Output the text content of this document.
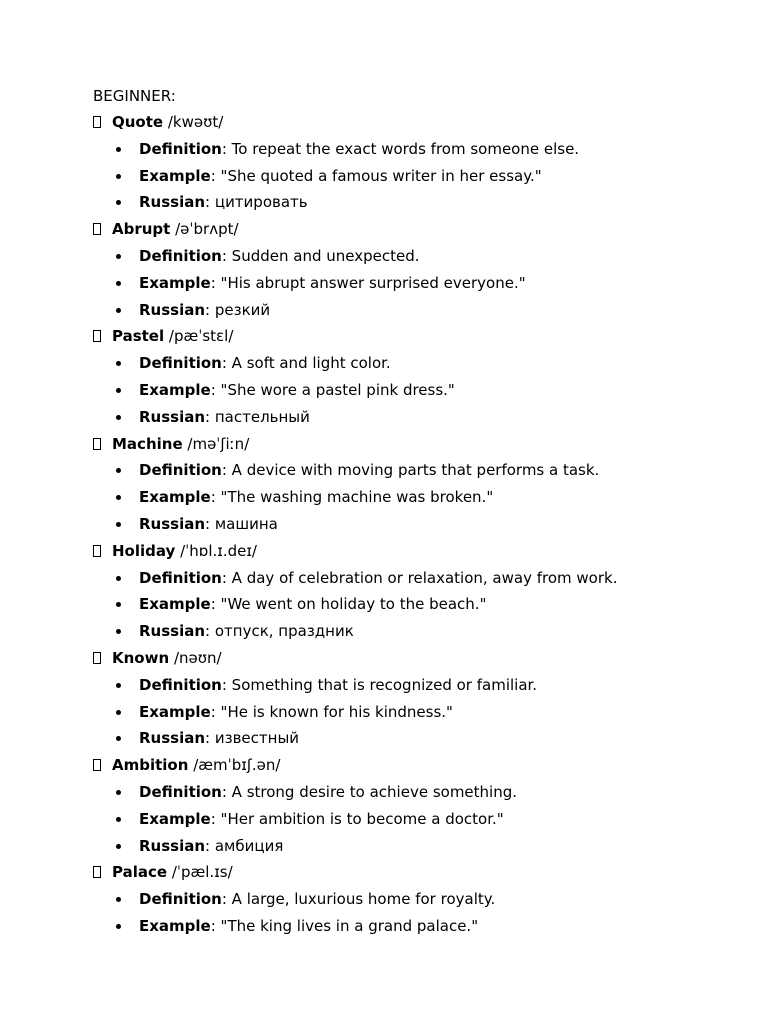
BEGINNER:
Quote /kwəʊt/
Definition: To repeat the exact words from someone else.
Example: "She quoted a famous writer in her essay."
Russian: цитировать
Abrupt /əˈbrʌpt/
Definition: Sudden and unexpected.
Example: "His abrupt answer surprised everyone."
Russian: резкий
Pastel /pæˈstɛl/
Definition: A soft and light color.
Example: "She wore a pastel pink dress."
Russian: пастельный
Machine /məˈʃiːn/
Definition: A device with moving parts that performs a task.
Example: "The washing machine was broken."
Russian: машина
Holiday /ˈhɒl.ɪ.deɪ/
Definition: A day of celebration or relaxation, away from work.
Example: "We went on holiday to the beach."
Russian: отпуск, праздник
Known /nəʊn/
Definition: Something that is recognized or familiar.
Example: "He is known for his kindness."
Russian: известный
Ambition /æmˈbɪʃ.ən/
Definition: A strong desire to achieve something.
Example: "Her ambition is to become a doctor."
Russian: амбиция
Palace /ˈpæl.ɪs/
Definition: A large, luxurious home for royalty.
Example: "The king lives in a grand palace."
